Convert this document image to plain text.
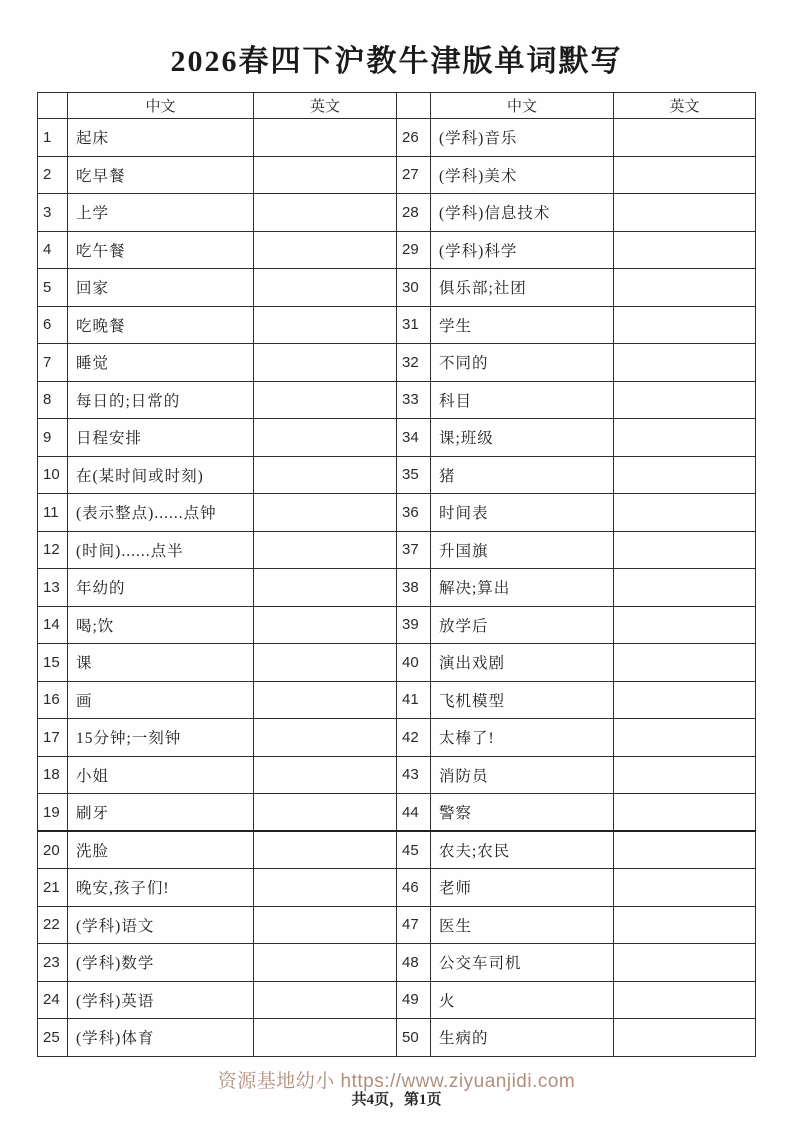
2026春四下沪教牛津版单词默写
	中文	英文		中文	英文
1	起床		26	(学科)音乐	
2	吃早餐		27	(学科)美术	
3	上学		28	(学科)信息技术	
4	吃午餐		29	(学科)科学	
5	回家		30	俱乐部;社团	
6	吃晚餐		31	学生	
7	睡觉		32	不同的	
8	每日的;日常的		33	科目	
9	日程安排		34	课;班级	
10	在(某时间或时刻)		35	猪	
11	(表示整点)......点钟		36	时间表	
12	(时间)......点半		37	升国旗	
13	年幼的		38	解决;算出	
14	喝;饮		39	放学后	
15	课		40	演出戏剧	
16	画		41	飞机模型	
17	15分钟;一刻钟		42	太棒了!	
18	小姐		43	消防员	
19	刷牙		44	警察	
20	洗脸		45	农夫;农民	
21	晚安,孩子们!		46	老师	
22	(学科)语文		47	医生	
23	(学科)数学		48	公交车司机	
24	(学科)英语		49	火	
25	(学科)体育		50	生病的	
资源基地幼小 https://www.ziyuanjidi.com
共4页，第1页
